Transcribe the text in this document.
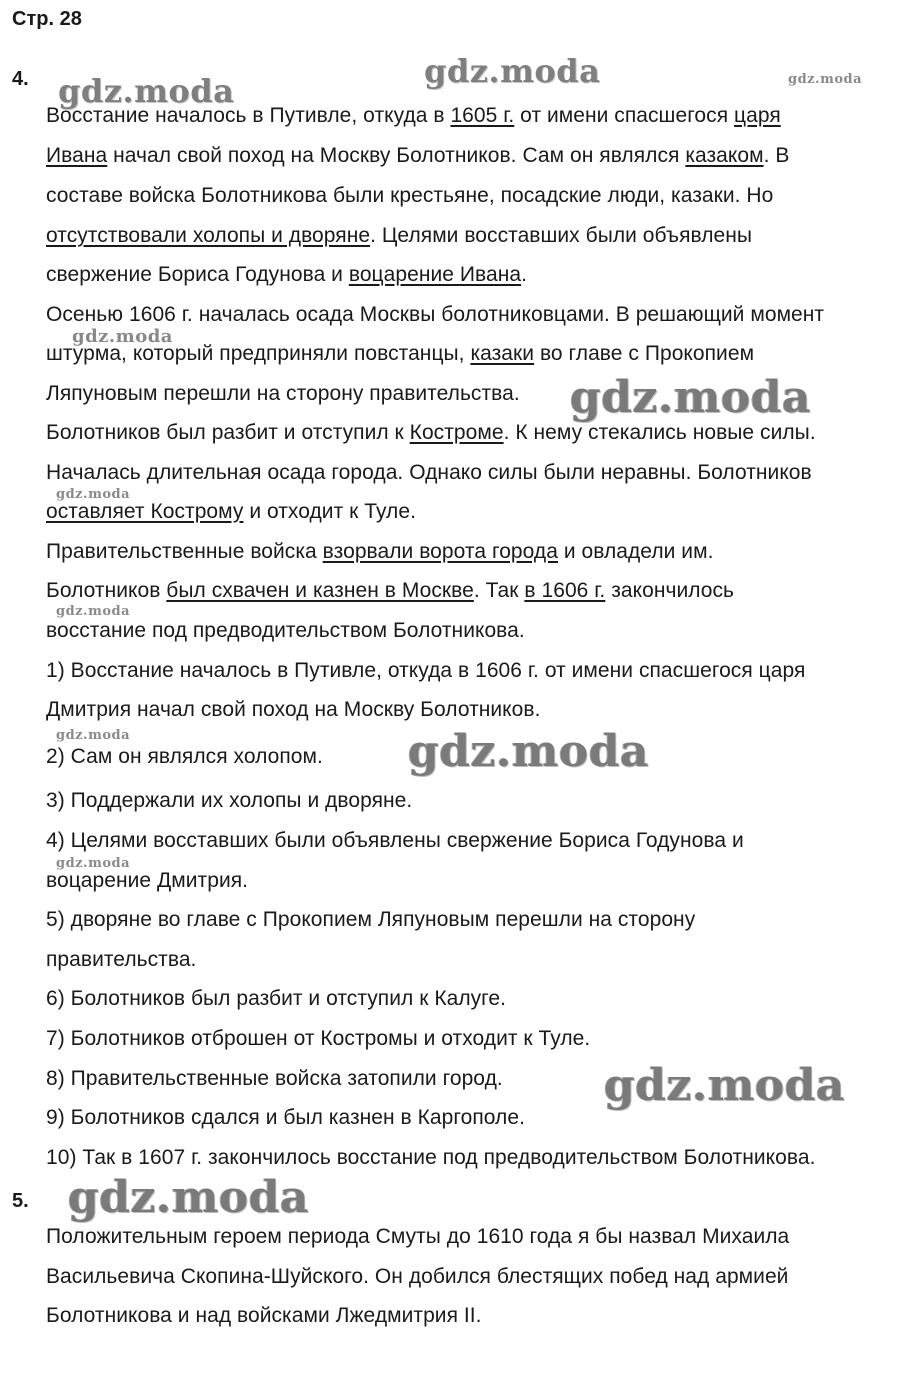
Стр. 28
4.
Восстание началось в Путивле, откуда в 1605 г. от имени спасшегося царя
Ивана начал свой поход на Москву Болотников. Сам он являлся казаком. В
составе войска Болотникова были крестьяне, посадские люди, казаки. Но
отсутствовали холопы и дворяне. Целями восставших были объявлены
свержение Бориса Годунова и воцарение Ивана.
Осенью 1606 г. началась осада Москвы болотниковцами. В решающий момент
штурма, который предприняли повстанцы, казаки во главе с Прокопием
Ляпуновым перешли на сторону правительства.
Болотников был разбит и отступил к Костроме. К нему стекались новые силы.
Началась длительная осада города. Однако силы были неравны. Болотников
оставляет Кострому и отходит к Туле.
Правительственные войска взорвали ворота города и овладели им.
Болотников был схвачен и казнен в Москве. Так в 1606 г. закончилось
восстание под предводительством Болотникова.
1) Восстание началось в Путивле, откуда в 1606 г. от имени спасшегося царя
Дмитрия начал свой поход на Москву Болотников.
2) Сам он являлся холопом.
3) Поддержали их холопы и дворяне.
4) Целями восставших были объявлены свержение Бориса Годунова и
воцарение Дмитрия.
5) дворяне во главе с Прокопием Ляпуновым перешли на сторону
правительства.
6) Болотников был разбит и отступил к Калуге.
7) Болотников отброшен от Костромы и отходит к Туле.
8) Правительственные войска затопили город.
9) Болотников сдался и был казнен в Каргополе.
10) Так в 1607 г. закончилось восстание под предводительством Болотникова.
5.
Положительным героем периода Смуты до 1610 года я бы назвал Михаила
Васильевича Скопина-Шуйского. Он добился блестящих побед над армией
Болотникова и над войсками Лжедмитрия II.
gdz.moda
gdz.moda	gdz.moda
gdz.moda
gdz.moda
gdz.moda
gdz.moda
gdz.moda	gdz.moda
gdz.moda
gdz.moda
gdz.moda
